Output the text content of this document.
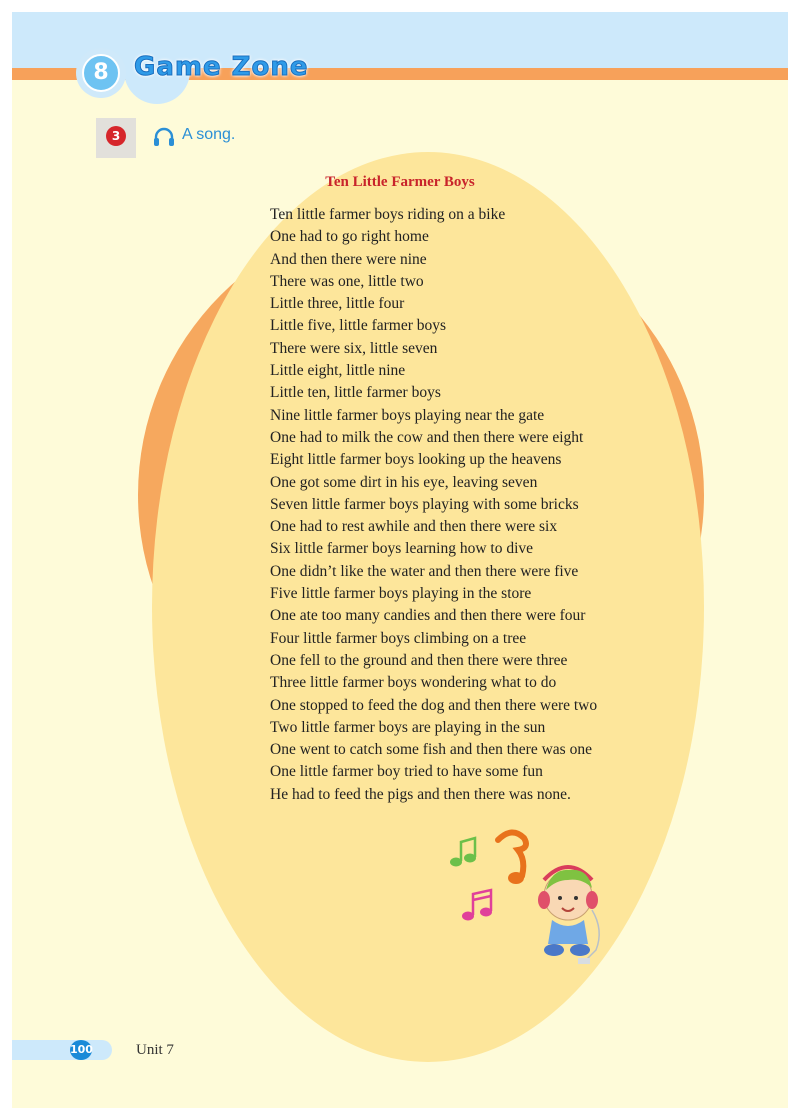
8 Game Zone
3	A song.
Ten Little Farmer Boys
Ten little farmer boys riding on a bike
One had to go right home
And then there were nine
There was one, little two
Little three, little four
Little five, little farmer boys
There were six, little seven
Little eight, little nine
Little ten, little farmer boys
Nine little farmer boys playing near the gate
One had to milk the cow and then there were eight
Eight little farmer boys looking up the heavens
One got some dirt in his eye, leaving seven
Seven little farmer boys playing with some bricks
One had to rest awhile and then there were six
Six little farmer boys learning how to dive
One didn’t like the water and then there were five
Five little farmer boys playing in the store
One ate too many candies and then there were four
Four little farmer boys climbing on a tree
One fell to the ground and then there were three
Three little farmer boys wondering what to do
One stopped to feed the dog and then there were two
Two little farmer boys are playing in the sun
One went to catch some fish and then there was one
One little farmer boy tried to have some fun
He had to feed the pigs and then there was none.
100	Unit 7
